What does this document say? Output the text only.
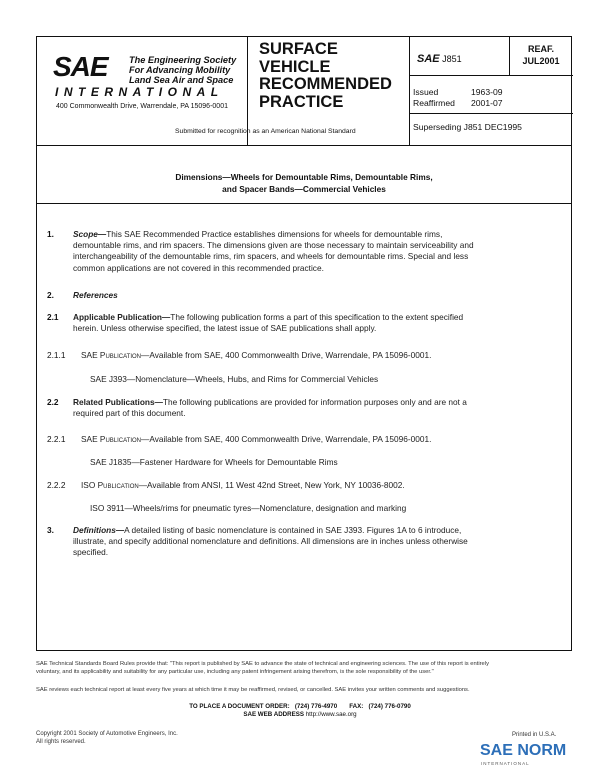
SAE The Engineering Society
For Advancing Mobility
Land Sea Air and Space
INTERNATIONAL
400 Commonwealth Drive, Warrendale, PA 15096-0001
SURFACE
VEHICLE
RECOMMENDED
PRACTICE
Submitted for recognition as an American National Standard
SAE J851
REAF.
JUL2001
Issued	1963-09
Reaffirmed 2001-07
Superseding J851 DEC1995
Dimensions—Wheels for Demountable Rims, Demountable Rims,
and Spacer Bands—Commercial Vehicles
1. Scope—This SAE Recommended Practice establishes dimensions for wheels for demountable rims,
demountable rims, and rim spacers. The dimensions given are those necessary to maintain serviceability and
interchangeability of the demountable rims, rim spacers, and wheels for demountable rims. Special and less
common applications are not covered in this recommended practice.
2. References
2.1 Applicable Publication—The following publication forms a part of this specification to the extent specified
herein. Unless otherwise specified, the latest issue of SAE publications shall apply.
2.1.1 SAE Publication—Available from SAE, 400 Commonwealth Drive, Warrendale, PA 15096-0001.
SAE J393—Nomenclature—Wheels, Hubs, and Rims for Commercial Vehicles
2.2 Related Publications—The following publications are provided for information purposes only and are not a
required part of this document.
2.2.1 SAE Publication—Available from SAE, 400 Commonwealth Drive, Warrendale, PA 15096-0001.
SAE J1835—Fastener Hardware for Wheels for Demountable Rims
2.2.2 ISO Publication—Available from ANSI, 11 West 42nd Street, New York, NY 10036-8002.
ISO 3911—Wheels/rims for pneumatic tyres—Nomenclature, designation and marking
3. Definitions—A detailed listing of basic nomenclature is contained in SAE J393. Figures 1A to 6 introduce,
illustrate, and specify additional nomenclature and definitions. All dimensions are in inches unless otherwise
specified.
SAE Technical Standards Board Rules provide that: "This report is published by SAE to advance the state of technical and engineering sciences. The use of this report is entirely
voluntary, and its applicability and suitability for any particular use, including any patent infringement arising therefrom, is the sole responsibility of the user."
SAE reviews each technical report at least every five years at which time it may be reaffirmed, revised, or cancelled. SAE invites your written comments and suggestions.
TO PLACE A DOCUMENT ORDER: (724) 776-4970 FAX: (724) 776-0790
SAE WEB ADDRESS http://www.sae.org
Copyright 2001 Society of Automotive Engineers, Inc.
All rights reserved.
Printed in U.S.A.
SAE NORM
INTERNATIONAL
